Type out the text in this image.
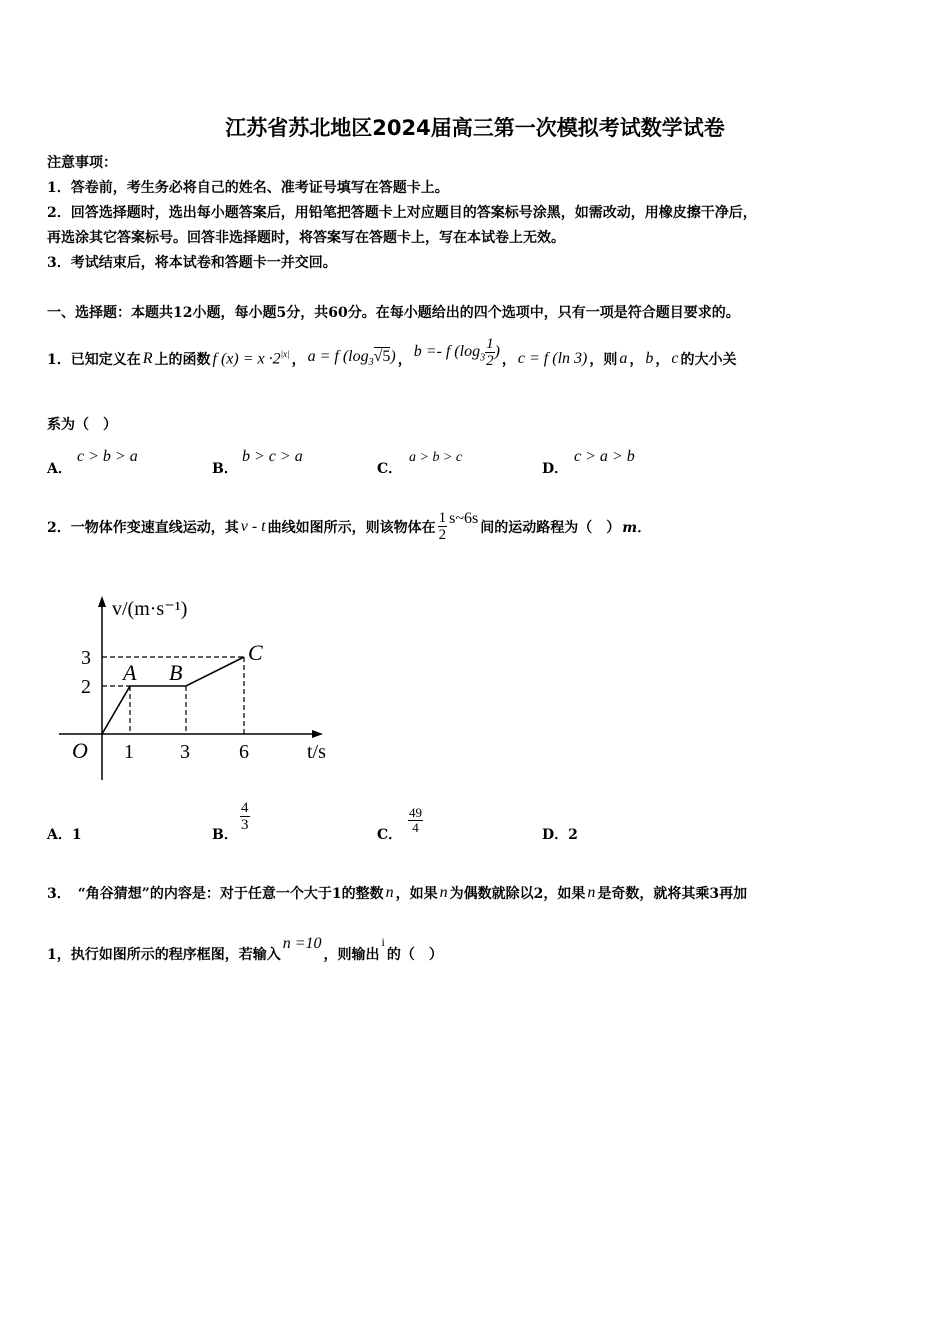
江苏省苏北地区2024届高三第一次模拟考试数学试卷
注意事项：
1．答卷前，考生务必将自己的姓名、准考证号填写在答题卡上。
2．回答选择题时，选出每小题答案后，用铅笔把答题卡上对应题目的答案标号涂黑，如需改动，用橡皮擦干净后，
再选涂其它答案标号。回答非选择题时，将答案写在答题卡上，写在本试卷上无效。
3．考试结束后，将本试卷和答题卡一并交回。
一、选择题：本题共12小题，每小题5分，共60分。在每小题给出的四个选项中，只有一项是符合题目要求的。
1．已知定义在 R 上的函数 f $(x) = x \cdot 2^{|x|}$ ， a = f $(\log_3√5)$ ， b =- f ($\log_3 \frac{1}{2}$ ) ， c = f (ln 3) ，则 a ， b ， c 的大小关
系为（　）
A．
c > b > a
B．
b > c > a
C．
a > b > c
D．
c > a > b
2．一物体作变速直线运动，其 v - t 曲线如图所示，则该物体在 $\frac{1}{2}$ s~6s
间的运动路程为（　） m．
v/(m·s⁻¹)
t/s
O
3
2
1 3 6
A B
C
A．1	B．
$\frac{4}{3}$
C． $\frac{49}{4}$	D．2
3．　“角谷猜想”的内容是：对于任意一个大于1的整数 n ，如果 n 为偶数就除以2，如果 n 是奇数，就将其乘3再加
1，执行如图所示的程序框图，若输入
n =10
，则输出
i
的（　）
